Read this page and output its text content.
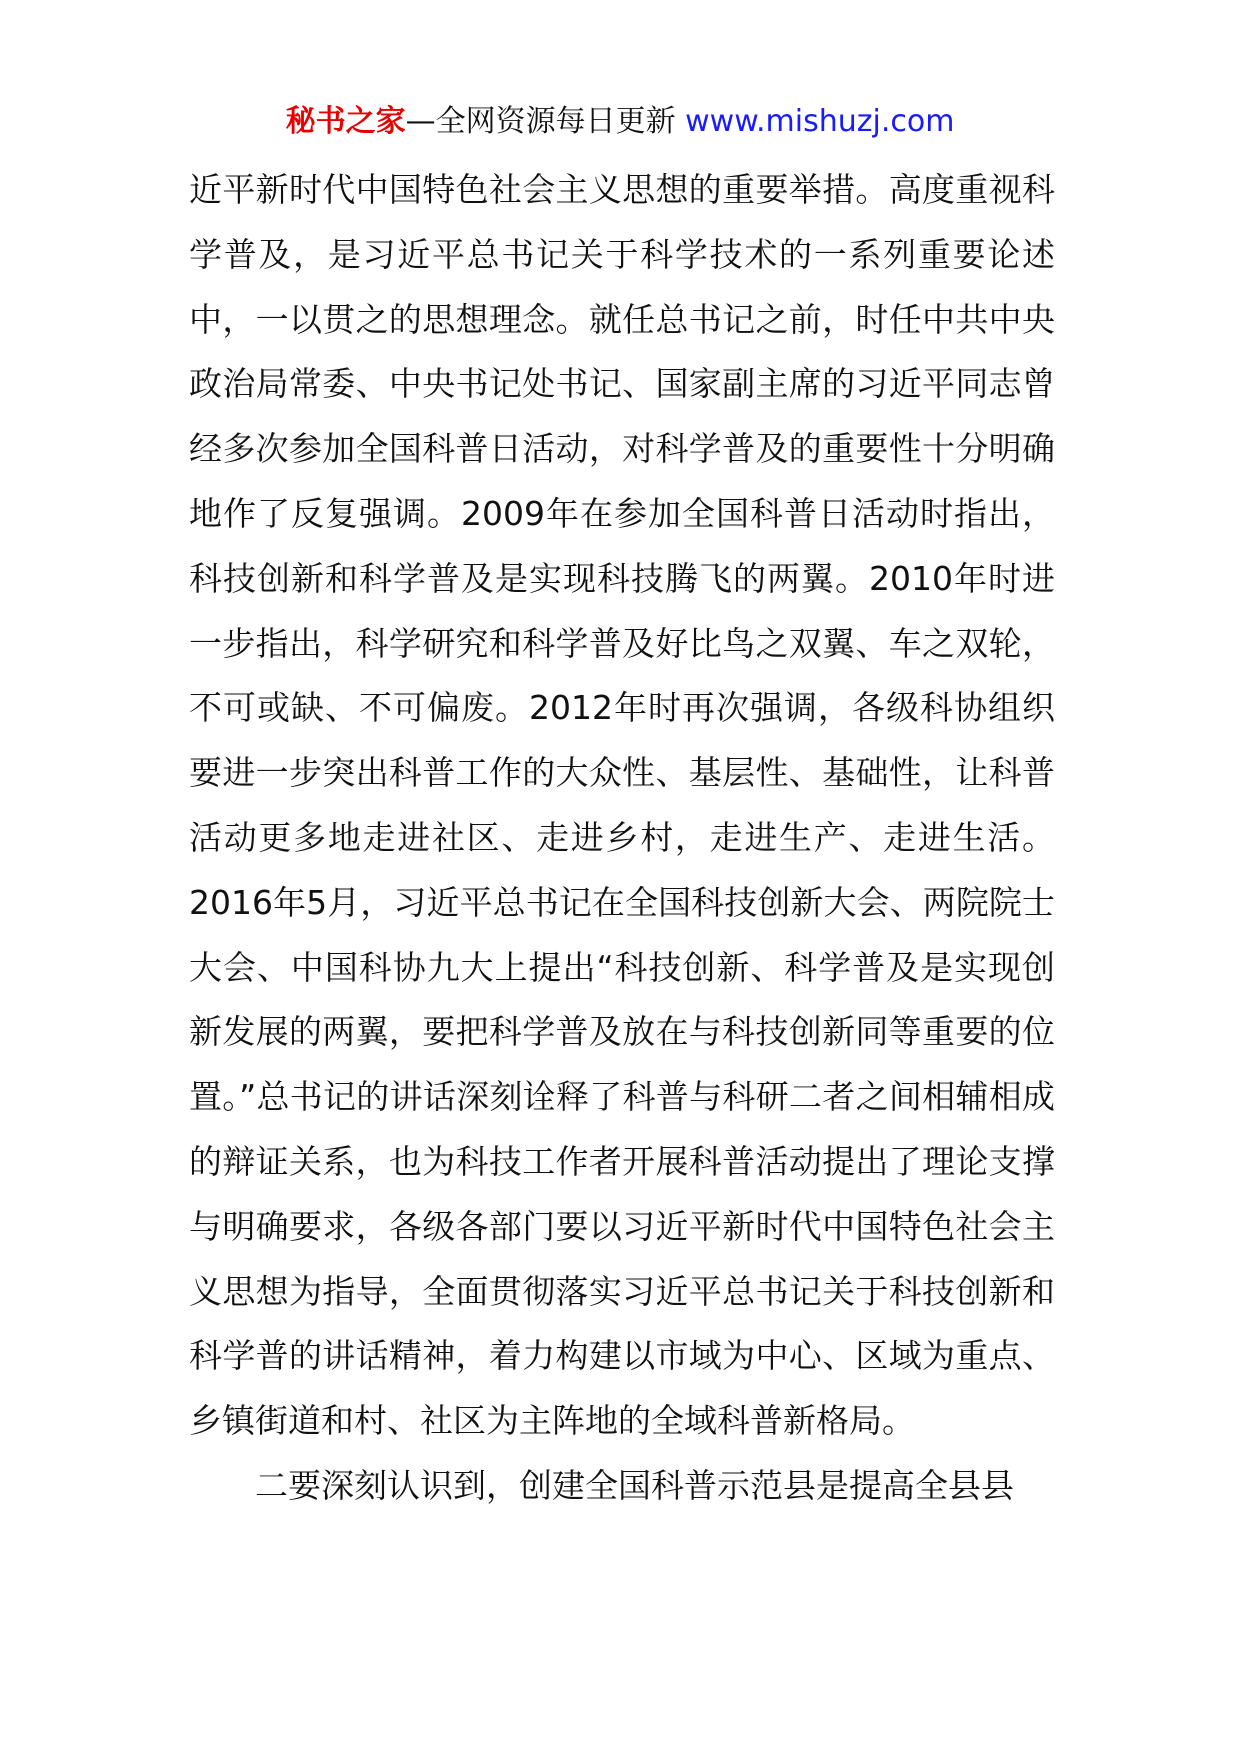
秘书之家—全网资源每日更新 www.mishuzj.com

近平新时代中国特色社会主义思想的重要举措。高度重视科学普及，是习近平总书记关于科学技术的一系列重要论述中，一以贯之的思想理念。就任总书记之前，时任中共中央政治局常委、中央书记处书记、国家副主席的习近平同志曾经多次参加全国科普日活动，对科学普及的重要性十分明确地作了反复强调。2009年在参加全国科普日活动时指出，科技创新和科学普及是实现科技腾飞的两翼。2010年时进一步指出，科学研究和科学普及好比鸟之双翼、车之双轮，不可或缺、不可偏废。2012年时再次强调，各级科协组织要进一步突出科普工作的大众性、基层性、基础性，让科普活动更多地走进社区、走进乡村，走进生产、走进生活。2016年5月，习近平总书记在全国科技创新大会、两院院士大会、中国科协九大上提出“科技创新、科学普及是实现创新发展的两翼，要把科学普及放在与科技创新同等重要的位置。”总书记的讲话深刻诠释了科普与科研二者之间相辅相成的辩证关系，也为科技工作者开展科普活动提出了理论支撑与明确要求，各级各部门要以习近平新时代中国特色社会主义思想为指导，全面贯彻落实习近平总书记关于科技创新和科学普的讲话精神，着力构建以市域为中心、区域为重点、乡镇街道和村、社区为主阵地的全域科普新格局。

二要深刻认识到，创建全国科普示范县是提高全县县
